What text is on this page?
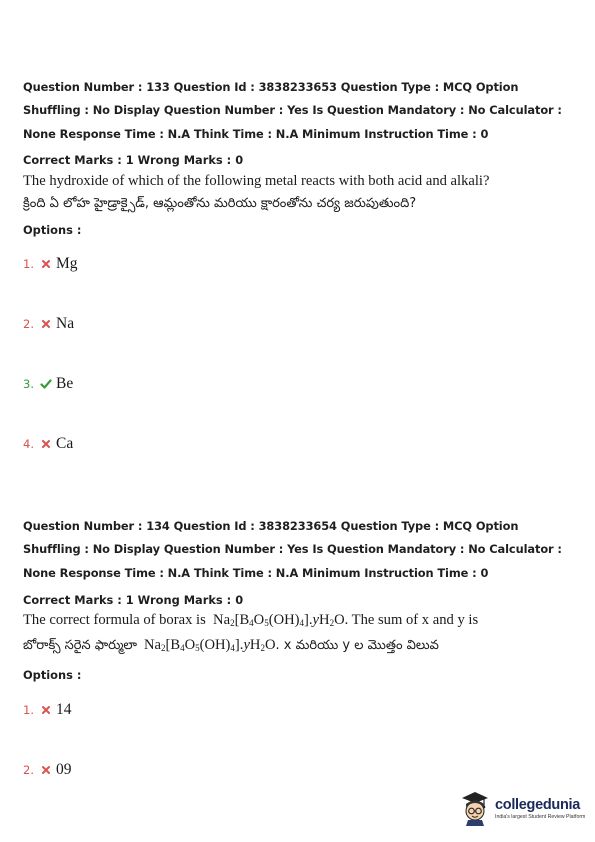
Question Number : 133 Question Id : 3838233653 Question Type : MCQ Option Shuffling : No Display Question Number : Yes Is Question Mandatory : No Calculator : None Response Time : N.A Think Time : N.A Minimum Instruction Time : 0
Correct Marks : 1 Wrong Marks : 0
The hydroxide of which of the following metal reacts with both acid and alkali?
క్రింది ఏ లోహ హైడ్రాక్సైడ్, ఆమ్లంతోను మరియు క్షారంతోను చర్య జరుపుతుంది?
Options :
1. Mg
2. Na
3. Be
4. Ca
Question Number : 134 Question Id : 3838233654 Question Type : MCQ Option Shuffling : No Display Question Number : Yes Is Question Mandatory : No Calculator : None Response Time : N.A Think Time : N.A Minimum Instruction Time : 0
Correct Marks : 1 Wrong Marks : 0
The correct formula of borax is  $Na_2[B_4O_5(OH)_4].yH_2O$. The sum of x and y is
బోరాక్స్ సరైన ఫార్ములా  $Na_2[B_4O_5(OH)_4].yH_2O$. x మరియు y ల మొత్తం విలువ
Options :
1. 14
2. 09
collegedunia
India's largest Student Review Platform
